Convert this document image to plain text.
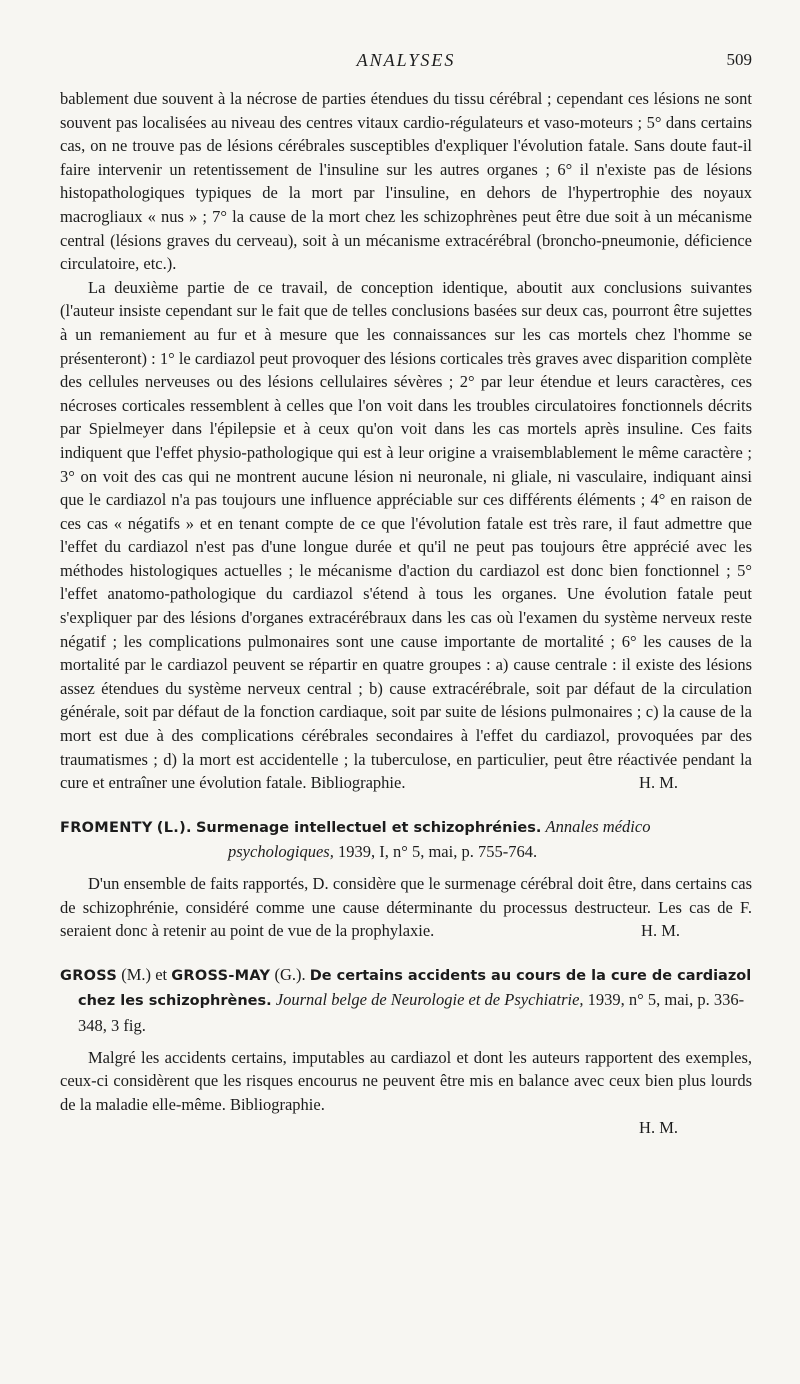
ANALYSES	509

bablement due souvent à la nécrose de parties étendues du tissu cérébral ; cependant ces lésions ne sont souvent pas localisées au niveau des centres vitaux cardio-régulateurs et vaso-moteurs ; 5° dans certains cas, on ne trouve pas de lésions cérébrales susceptibles d'expliquer l'évolution fatale. Sans doute faut-il faire intervenir un retentissement de l'insuline sur les autres organes ; 6° il n'existe pas de lésions histopathologiques typiques de la mort par l'insuline, en dehors de l'hypertrophie des noyaux macrogliaux « nus » ; 7° la cause de la mort chez les schizophrènes peut être due soit à un mécanisme central (lésions graves du cerveau), soit à un mécanisme extracérébral (broncho-pneumonie, déficience circulatoire, etc.).

La deuxième partie de ce travail, de conception identique, aboutit aux conclusions suivantes (l'auteur insiste cependant sur le fait que de telles conclusions basées sur deux cas, pourront être sujettes à un remaniement au fur et à mesure que les connaissances sur les cas mortels chez l'homme se présenteront) : 1° le cardiazol peut provoquer des lésions corticales très graves avec disparition complète des cellules nerveuses ou des lésions cellulaires sévères ; 2° par leur étendue et leurs caractères, ces nécroses corticales ressemblent à celles que l'on voit dans les troubles circulatoires fonctionnels décrits par Spielmeyer dans l'épilepsie et à ceux qu'on voit dans les cas mortels après insuline. Ces faits indiquent que l'effet physio-pathologique qui est à leur origine a vraisemblablement le même caractère ; 3° on voit des cas qui ne montrent aucune lésion ni neuronale, ni gliale, ni vasculaire, indiquant ainsi que le cardiazol n'a pas toujours une influence appréciable sur ces différents éléments ; 4° en raison de ces cas « négatifs » et en tenant compte de ce que l'évolution fatale est très rare, il faut admettre que l'effet du cardiazol n'est pas d'une longue durée et qu'il ne peut pas toujours être apprécié avec les méthodes histologiques actuelles ; le mécanisme d'action du cardiazol est donc bien fonctionnel ; 5° l'effet anatomo-pathologique du cardiazol s'étend à tous les organes. Une évolution fatale peut s'expliquer par des lésions d'organes extracérébraux dans les cas où l'examen du système nerveux reste négatif ; les complications pulmonaires sont une cause importante de mortalité ; 6° les causes de la mortalité par le cardiazol peuvent se répartir en quatre groupes : a) cause centrale : il existe des lésions assez étendues du système nerveux central ; b) cause extracérébrale, soit par défaut de la circulation générale, soit par défaut de la fonction cardiaque, soit par suite de lésions pulmonaires ; c) la cause de la mort est due à des complications cérébrales secondaires à l'effet du cardiazol, provoquées par des traumatismes ; d) la mort est accidentelle ; la tuberculose, en particulier, peut être réactivée pendant la cure et entraîner une évolution fatale. Bibliographie.	H. M.
FROMENTY (L.). Surmenage intellectuel et schizophrénies. Annales médico psychologiques, 1939, I, n° 5, mai, p. 755-764.

D'un ensemble de faits rapportés, D. considère que le surmenage cérébral doit être, dans certains cas de schizophrénie, considéré comme une cause déterminante du processus destructeur. Les cas de F. seraient donc à retenir au point de vue de la prophylaxie.	H. M.
GROSS (M.) et GROSS-MAY (G.). De certains accidents au cours de la cure de cardiazol chez les schizophrènes. Journal belge de Neurologie et de Psychiatrie, 1939, n° 5, mai, p. 336-348, 3 fig.

Malgré les accidents certains, imputables au cardiazol et dont les auteurs rapportent des exemples, ceux-ci considèrent que les risques encourus ne peuvent être mis en balance avec ceux bien plus lourds de la maladie elle-même. Bibliographie.

H. M.
